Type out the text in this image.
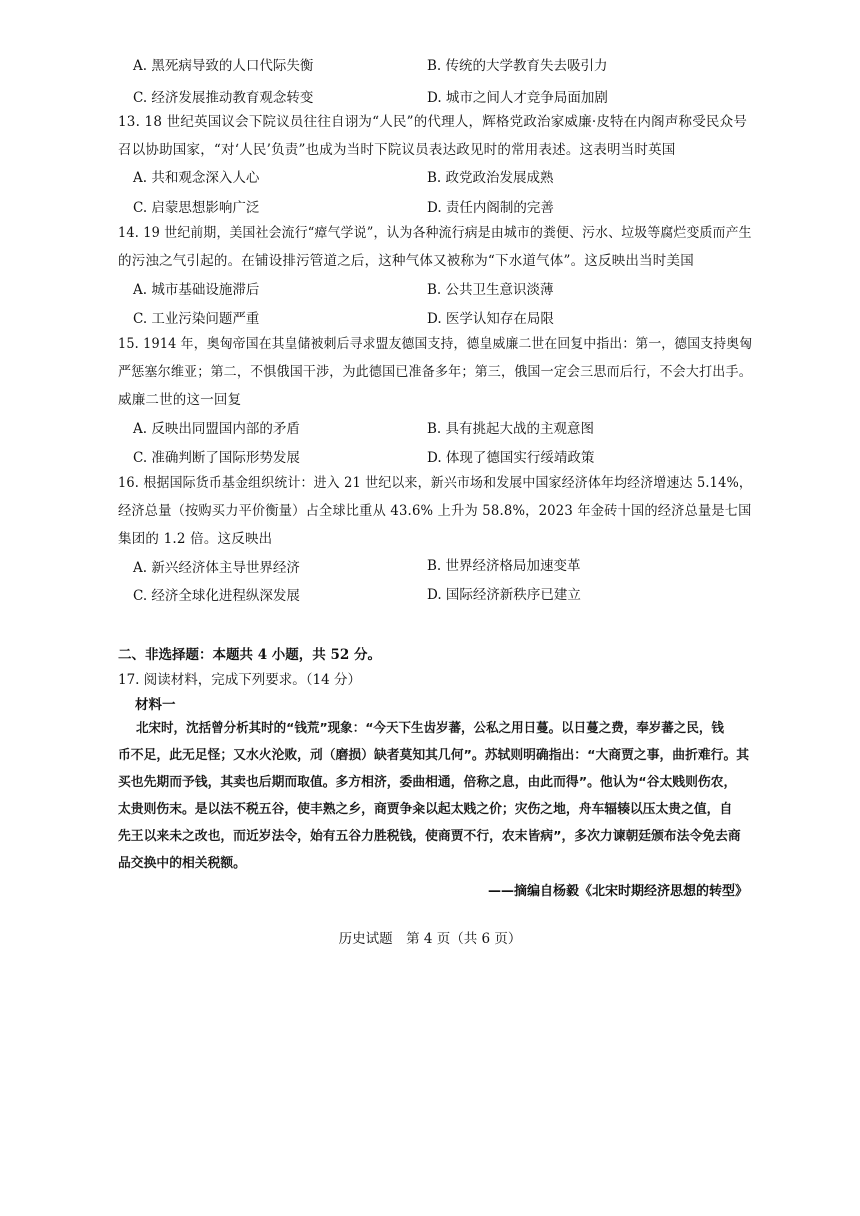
A. 黑死病导致的人口代际失衡	B. 传统的大学教育失去吸引力
C. 经济发展推动教育观念转变	D. 城市之间人才竞争局面加剧
13. 18 世纪英国议会下院议员往往自诩为“人民”的代理人，辉格党政治家威廉·皮特在内阁声称受民众号
召以协助国家，“对‘人民’负责”也成为当时下院议员表达政见时的常用表述。这表明当时英国
A. 共和观念深入人心	B. 政党政治发展成熟
C. 启蒙思想影响广泛	D. 责任内阁制的完善
14. 19 世纪前期，美国社会流行“瘴气学说”，认为各种流行病是由城市的粪便、污水、垃圾等腐烂变质而产生
的污浊之气引起的。在铺设排污管道之后，这种气体又被称为“下水道气体”。这反映出当时美国
A. 城市基础设施滞后	B. 公共卫生意识淡薄
C. 工业污染问题严重	D. 医学认知存在局限
15. 1914 年，奥匈帝国在其皇储被刺后寻求盟友德国支持，德皇威廉二世在回复中指出：第一，德国支持奥匈
严惩塞尔维亚；第二，不惧俄国干涉，为此德国已准备多年；第三，俄国一定会三思而后行，不会大打出手。
威廉二世的这一回复
A. 反映出同盟国内部的矛盾	B. 具有挑起大战的主观意图
C. 准确判断了国际形势发展	D. 体现了德国实行绥靖政策
16. 根据国际货币基金组织统计：进入 21 世纪以来，新兴市场和发展中国家经济体年均经济增速达 5.14%，
经济总量（按购买力平价衡量）占全球比重从 43.6% 上升为 58.8%，2023 年金砖十国的经济总量是七国
集团的 1.2 倍。这反映出
A. 新兴经济体主导世界经济	B. 世界经济格局加速变革
C. 经济全球化进程纵深发展	D. 国际经济新秩序已建立
二、非选择题：本题共 4 小题，共 52 分。
17. 阅读材料，完成下列要求。（14 分）
材料一
北宋时，沈括曾分析其时的“钱荒”现象：“今天下生齿岁蕃，公私之用日蔓。以日蔓之费，奉岁蕃之民，钱
币不足，此无足怪；又水火沦败，刓（磨损）缺者莫知其几何”。苏轼则明确指出：“大商贾之事，曲折难行。其
买也先期而予钱，其卖也后期而取值。多方相济，委曲相通，倍称之息，由此而得”。他认为“谷太贱则伤农，
太贵则伤末。是以法不税五谷，使丰熟之乡，商贾争籴以起太贱之价；灾伤之地，舟车辐辏以压太贵之值，自
先王以来未之改也，而近岁法令，始有五谷力胜税钱，使商贾不行，农末皆病”，多次力谏朝廷颁布法令免去商
品交换中的相关税额。
——摘编自杨毅《北宋时期经济思想的转型》
历史试题　第 4 页（共 6 页）
